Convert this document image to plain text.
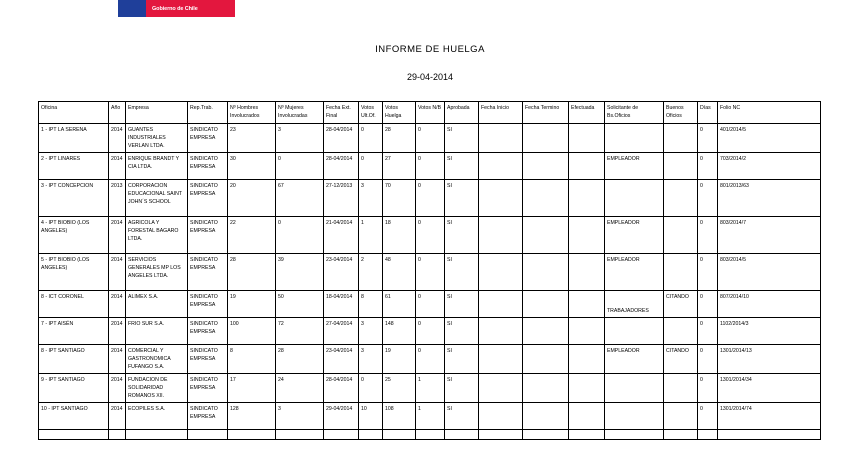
Gobierno de Chile
INFORME DE HUELGA
29-04-2014
Oficina	Año	Empresa	Rep.Trab.	Nº Hombres Involucrados	Nº Mujeres Involucradas	Fecha Ext. Final	Votos Ult.Of.	Votos Huelga	Votos N/B	Aprobada	Fecha Inicio	Fecha Termino	Efectuada	Solicitante de Bs.Oficios	Buenos Oficios	Días	Folio NC
1 - IPT LA SERENA	2014	GUANTES INDUSTRIALES VERLAN LTDA.	SINDICATO EMPRESA	23	3	28-04/2014	0	28	0	SI						0	401/2014/5
2 - IPT LINARES	2014	ENRIQUE BRANDT Y CIA LTDA.	SINDICATO EMPRESA	30	0	28-04/2014	0	27	0	SI				EMPLEADOR		0	703/2014/2
3 - IPT CONCEPCION	2013	CORPORACION EDUCACIONAL SAINT JOHN´S SCHOOL	SINDICATO EMPRESA	20	67	27-12/2013	3	70	0	SI						0	801/2013/63
4 - IPT BIOBIO (LOS ANGELES)	2014	AGRICOLA Y FORESTAL BAGARO LTDA.	SINDICATO EMPRESA	22	0	21-04/2014	1	18	0	SI				EMPLEADOR		0	803/2014/7
5 - IPT BIOBIO (LOS ANGELES)	2014	SERVICIOS GENERALES MP LOS ANGELES LTDA.	SINDICATO EMPRESA	28	39	23-04/2014	2	48	0	SI				EMPLEADOR		0	803/2014/5
8 - ICT CORONEL	2014	ALIMEX S.A.	SINDICATO EMPRESA	19	50	18-04/2014	8	61	0	SI				TRABAJADORES	CITANDO	0	807/2014/10
7 - IPT AISÉN	2014	FRIO SUR S.A.	SINDICATO EMPRESA	100	72	27-04/2014	3	148	0	SI						0	1102/2014/3
8 - IPT SANTIAGO	2014	COMERCIAL Y GASTRONOMICA FUFANGO S.A.	SINDICATO EMPRESA	8	28	23-04/2014	3	19	0	SI				EMPLEADOR	CITANDO	0	1301/2014/13
9 - IPT SANTIAGO	2014	FUNDACION DE SOLIDARIDAD ROMANOS XII.	SINDICATO EMPRESA	17	24	28-04/2014	0	25	1	SI						0	1301/2014/34
10 - IPT SANTIAGO	2014	ECOPILES S.A.	SINDICATO EMPRESA	128	3	29-04/2014	10	108	1	SI						0	1301/2014/74
